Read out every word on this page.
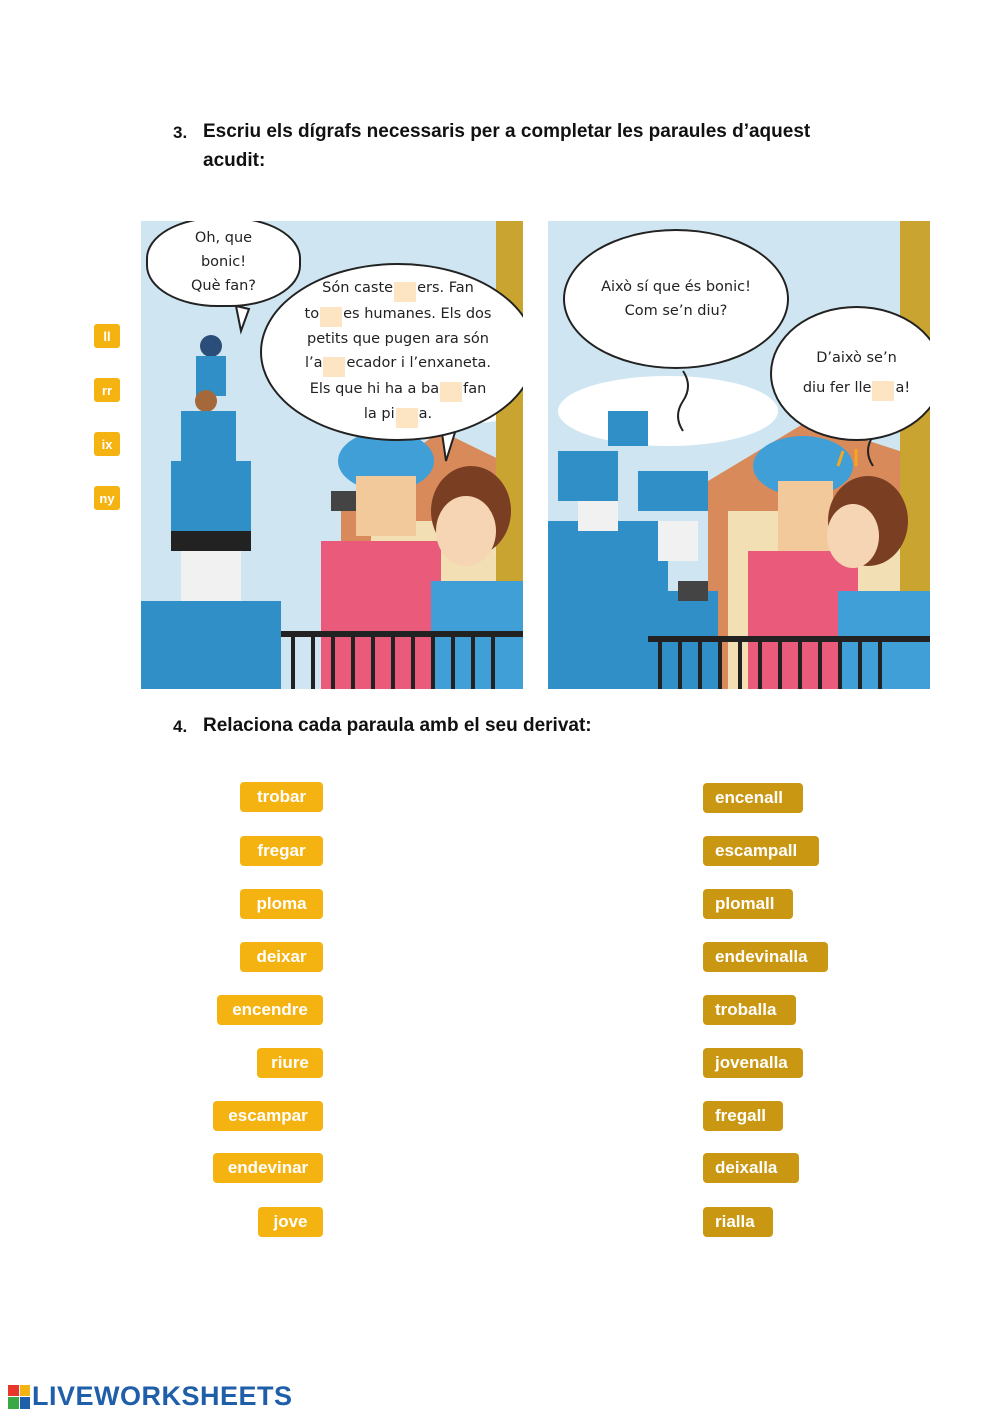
3. Escriu els dígrafs necessaris per a completar les paraules d’aquest
acudit:
ll
rr
ix
ny
Oh, que
bonic!
Què fan?	Són caste ers. Fan
to es humanes. Els dos
petits que pugen ara són
l’a ecador i l’enxaneta.
Els que hi ha a ba fan
la pi a.
Això sí que és bonic!
Com se’n diu?
D’això se’n
diu fer lle a!
4. Relaciona cada paraula amb el seu derivat:
trobar
fregar
ploma
deixar
encendre
riure
escampar
endevinar
jove
encenall
escampall
plomall
endevinalla
troballa
jovenalla
fregall
deixalla
rialla
LIVEWORKSHEETS
